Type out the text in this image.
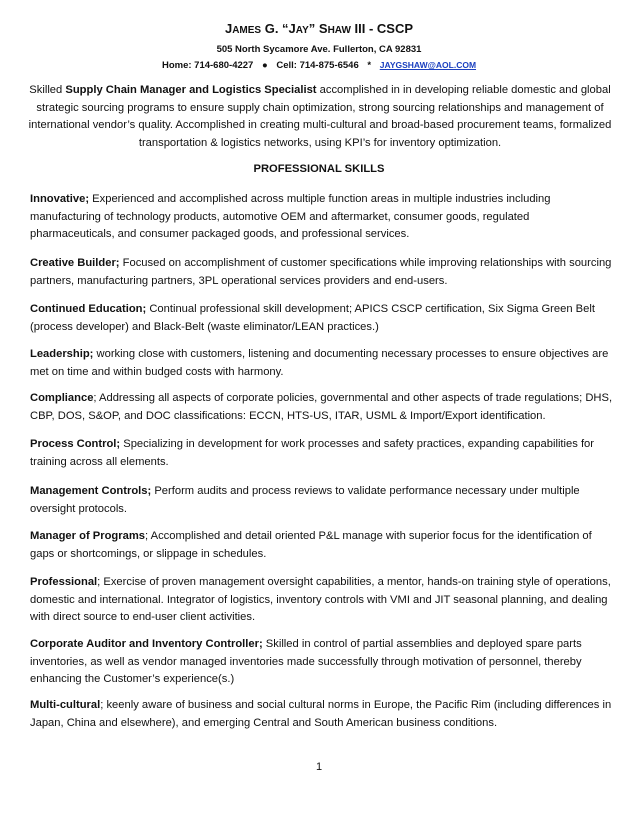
JAMES G. “JAY” SHAW III - CSCP
505 North Sycamore Ave. Fullerton, CA 92831
Home: 714-680-4227 ● Cell: 714-875-6546 * JAYGSHAW@AOL.COM
Skilled Supply Chain Manager and Logistics Specialist accomplished in in developing reliable domestic and global strategic sourcing programs to ensure supply chain optimization, strong sourcing relationships and management of international vendor’s quality. Accomplished in creating multi-cultural and broad-based procurement teams, formalized transportation & logistics networks, using KPI’s for inventory optimization.
PROFESSIONAL SKILLS
Innovative; Experienced and accomplished across multiple function areas in multiple industries including manufacturing of technology products, automotive OEM and aftermarket, consumer goods, regulated pharmaceuticals, and consumer packaged goods, and professional services.
Creative Builder; Focused on accomplishment of customer specifications while improving relationships with sourcing partners, manufacturing partners, 3PL operational services providers and end-users.
Continued Education; Continual professional skill development; APICS CSCP certification, Six Sigma Green Belt (process developer) and Black-Belt (waste eliminator/LEAN practices.)
Leadership; working close with customers, listening and documenting necessary processes to ensure objectives are met on time and within budged costs with harmony.
Compliance; Addressing all aspects of corporate policies, governmental and other aspects of trade regulations; DHS, CBP, DOS, S&OP, and DOC classifications: ECCN, HTS-US, ITAR, USML & Import/Export identification.
Process Control; Specializing in development for work processes and safety practices, expanding capabilities for training across all elements.
Management Controls; Perform audits and process reviews to validate performance necessary under multiple oversight protocols.
Manager of Programs; Accomplished and detail oriented P&L manage with superior focus for the identification of gaps or shortcomings, or slippage in schedules.
Professional; Exercise of proven management oversight capabilities, a mentor, hands-on training style of operations, domestic and international. Integrator of logistics, inventory controls with VMI and JIT seasonal planning, and dealing with direct source to end-user client activities.
Corporate Auditor and Inventory Controller; Skilled in control of partial assemblies and deployed spare parts inventories, as well as vendor managed inventories made successfully through motivation of personnel, thereby enhancing the Customer’s experience(s.)
Multi-cultural; keenly aware of business and social cultural norms in Europe, the Pacific Rim (including differences in Japan, China and elsewhere), and emerging Central and South American business conditions.
1
